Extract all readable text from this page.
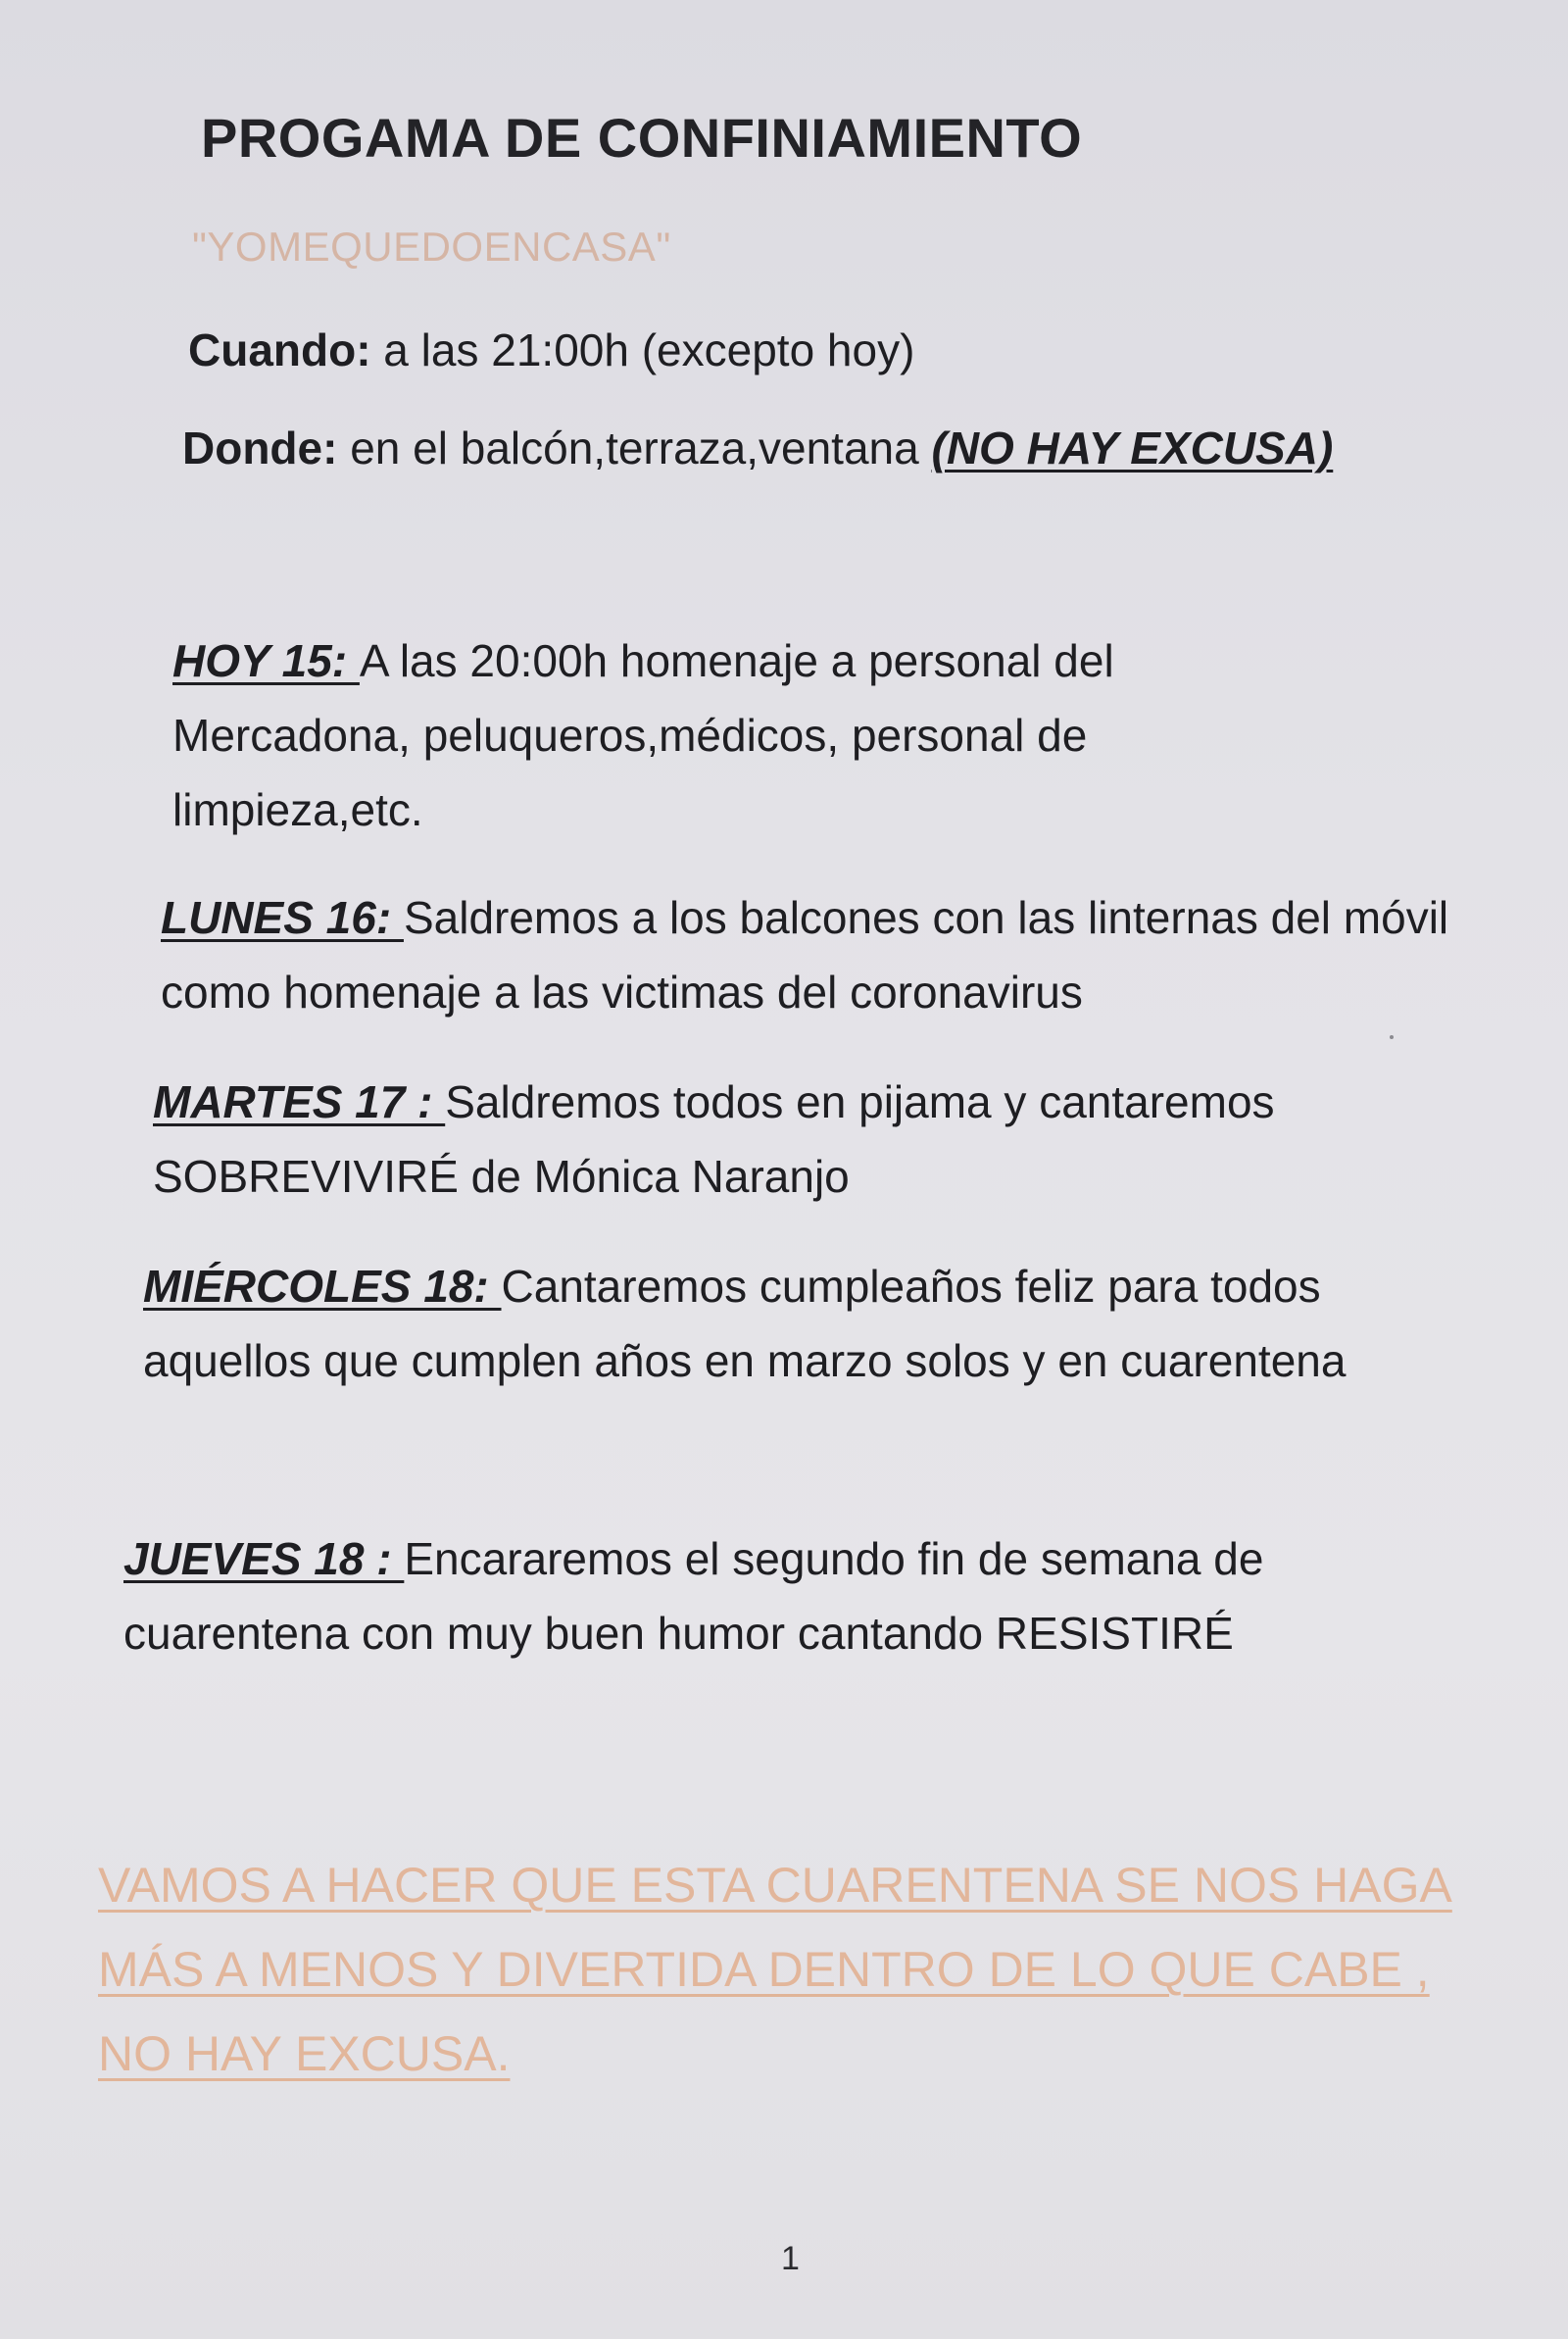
PROGAMA DE CONFINIAMIENTO
"YOMEQUEDOENCASA"
Cuando: a las 21:00h (excepto hoy)
Donde: en el balcón,terraza,ventana (NO HAY EXCUSA)

HOY 15: A las 20:00h homenaje a personal del Mercadona, peluqueros,médicos, personal de limpieza,etc.

LUNES 16: Saldremos a los balcones con las linternas del móvil como homenaje a las victimas del coronavirus

MARTES 17 : Saldremos todos en pijama y cantaremos SOBREVIVIRÉ de Mónica Naranjo

MIÉRCOLES 18: Cantaremos cumpleaños feliz para todos aquellos que cumplen años en marzo solos y en cuarentena

JUEVES 18 : Encararemos el segundo fin de semana de cuarentena con muy buen humor cantando RESISTIRÉ

VAMOS A HACER QUE ESTA CUARENTENA SE NOS HAGA MÁS A MENOS Y DIVERTIDA DENTRO DE LO QUE CABE , NO HAY EXCUSA.

1
